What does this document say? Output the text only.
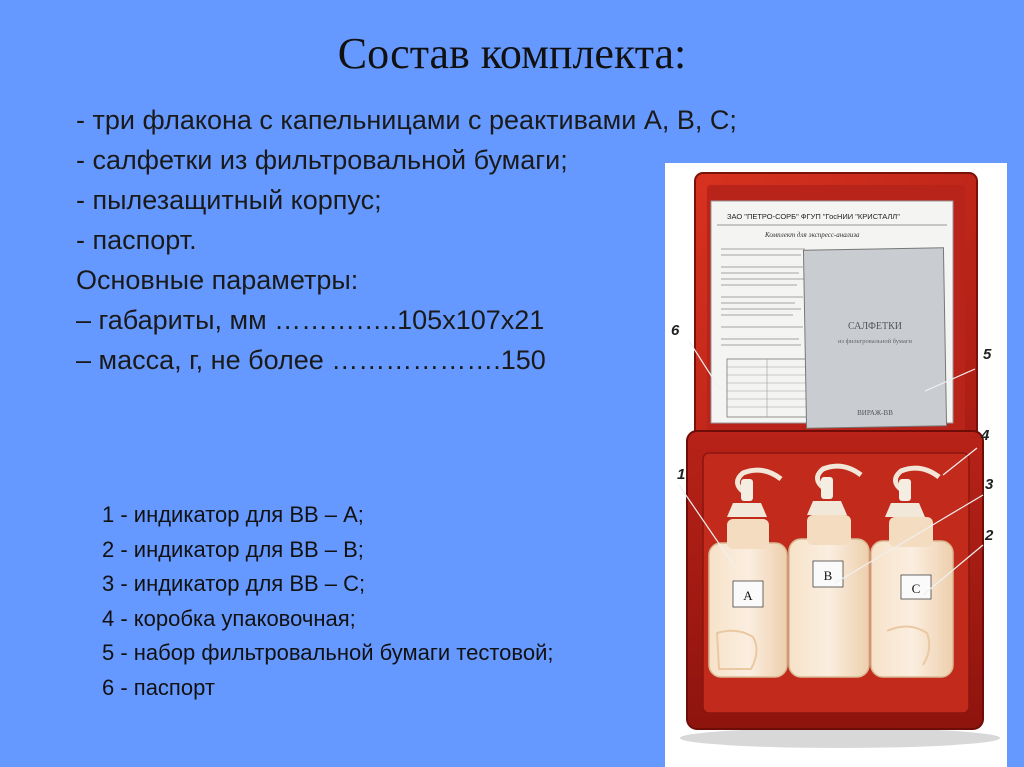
Состав комплекта:
- три флакона с капельницами с реактивами А, В, С;
- салфетки из фильтровальной бумаги;
- пылезащитный корпус;
- паспорт.
Основные параметры:
– габариты, мм …………..105х107х21
– масса, г, не более ……………….150
1 - индикатор для ВВ – А;
2 - индикатор для ВВ – В;
3 - индикатор для ВВ – С;
4 - коробка упаковочная;
5 - набор фильтровальной бумаги тестовой;
6 - паспорт
ЗАО "ПЕТРО-СОРБ" ФГУП "ГосНИИ "КРИСТАЛЛ"
Комплект для экспресс-анализа
САЛФЕТКИ
из фильтровальной бумаги
ВИРАЖ-ВВ
A
B
C
6
5
4
3
2
1
